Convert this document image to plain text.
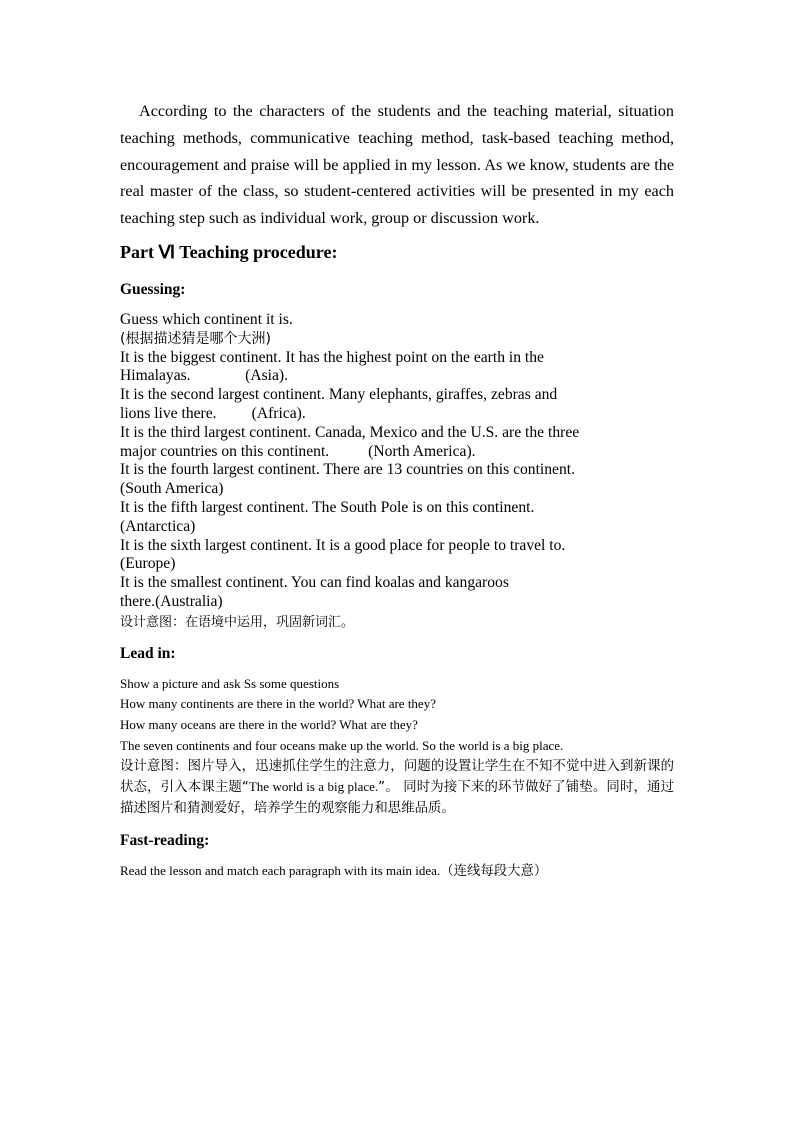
According to the characters of the students and the teaching material, situation teaching methods, communicative teaching method, task-based teaching method, encouragement and praise will be applied in my lesson. As we know, students are the real master of the class, so student-centered activities will be presented in my each teaching step such as individual work, group or discussion work.

Part Ⅵ Teaching procedure:
Guessing:
Guess which continent it is.
(根据描述猜是哪个大洲)
It is the biggest continent. It has the highest point on the earth in the
Himalayas.              (Asia).
It is the second largest continent. Many elephants, giraffes, zebras and
lions live there.         (Africa).
It is the third largest continent. Canada, Mexico and the U.S. are the three
major countries on this continent.          (North America).
It is the fourth largest continent. There are 13 countries on this continent.
(South America)
It is the fifth largest continent. The South Pole is on this continent.
(Antarctica)
It is the sixth largest continent. It is a good place for people to travel to.
(Europe)
It is the smallest continent. You can find koalas and kangaroos
there.(Australia)
设计意图：在语境中运用，巩固新词汇。
Lead in:
Show a picture and ask Ss some questions
How many continents are there in the world? What are they?
How many oceans are there in the world? What are they?
The seven continents and four oceans make up the world. So the world is a big place.
设计意图：图片导入，迅速抓住学生的注意力，问题的设置让学生在不知不觉中进入到新课的状态，引入本课主题“The world is a big place.”。 同时为接下来的环节做好了铺垫。同时，通过描述图片和猜测爱好，培养学生的观察能力和思维品质。
Fast-reading:
Read the lesson and match each paragraph with its main idea.（连线每段大意）
